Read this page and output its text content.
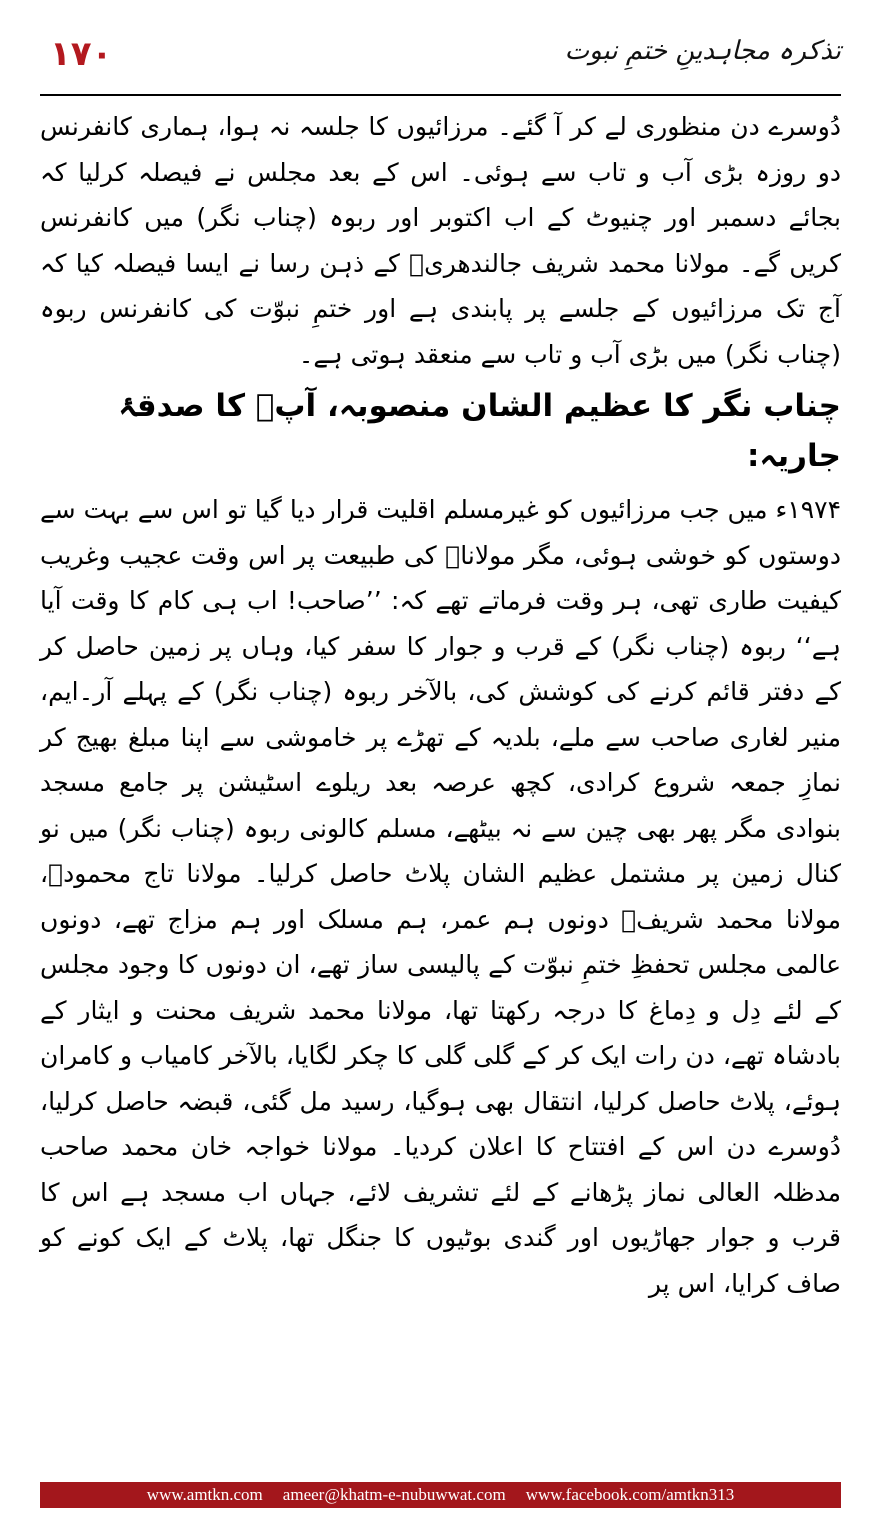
١٧٠	تذکرہ مجاہدینِ ختمِ نبوت

دُوسرے دن منظوری لے کر آ گئے۔ مرزائیوں کا جلسہ نہ ہوا، ہماری کانفرنس دو روزہ بڑی آب و تاب سے ہوئی۔ اس کے بعد مجلس نے فیصلہ کرلیا کہ بجائے دسمبر اور چنیوٹ کے اب اکتوبر اور ربوہ (چناب نگر) میں کانفرنس کریں گے۔ مولانا محمد شریف جالندھریؒ کے ذہن رسا نے ایسا فیصلہ کیا کہ آج تک مرزائیوں کے جلسے پر پابندی ہے اور ختمِ نبوّت کی کانفرنس ربوہ (چناب نگر) میں بڑی آب و تاب سے منعقد ہوتی ہے۔

چناب نگر کا عظیم الشان منصوبہ، آپؒ کا صدقۂ جاریہ:

۱۹۷۴ء میں جب مرزائیوں کو غیرمسلم اقلیت قرار دیا گیا تو اس سے بہت سے دوستوں کو خوشی ہوئی، مگر مولاناؒ کی طبیعت پر اس وقت عجیب وغریب کیفیت طاری تھی، ہر وقت فرماتے تھے کہ: ’’صاحب! اب ہی کام کا وقت آیا ہے‘‘ ربوہ (چناب نگر) کے قرب و جوار کا سفر کیا، وہاں پر زمین حاصل کر کے دفتر قائم کرنے کی کوشش کی، بالآخر ربوہ (چناب نگر) کے پہلے آر۔ایم، منیر لغاری صاحب سے ملے، بلدیہ کے تھڑے پر خاموشی سے اپنا مبلغ بھیج کر نمازِ جمعہ شروع کرادی، کچھ عرصہ بعد ریلوے اسٹیشن پر جامع مسجد بنوادی مگر پھر بھی چین سے نہ بیٹھے، مسلم کالونی ربوہ (چناب نگر) میں نو کنال زمین پر مشتمل عظیم الشان پلاٹ حاصل کرلیا۔ مولانا تاج محمودؒ، مولانا محمد شریفؒ دونوں ہم عمر، ہم مسلک اور ہم مزاج تھے، دونوں عالمی مجلس تحفظِ ختمِ نبوّت کے پالیسی ساز تھے، ان دونوں کا وجود مجلس کے لئے دِل و دِماغ کا درجہ رکھتا تھا، مولانا محمد شریف محنت و ایثار کے بادشاہ تھے، دن رات ایک کر کے گلی گلی کا چکر لگایا، بالآخر کامیاب و کامران ہوئے، پلاٹ حاصل کرلیا، انتقال بھی ہوگیا، رسید مل گئی، قبضہ حاصل کرلیا، دُوسرے دن اس کے افتتاح کا اعلان کردیا۔ مولانا خواجہ خان محمد صاحب مدظلہ العالی نماز پڑھانے کے لئے تشریف لائے، جہاں اب مسجد ہے اس کا قرب و جوار جھاڑیوں اور گندی بوٹیوں کا جنگل تھا، پلاٹ کے ایک کونے کو صاف کرایا، اس پر

www.amtkn.com ameer@khatm-e-nubuwwat.com www.facebook.com/amtkn313
